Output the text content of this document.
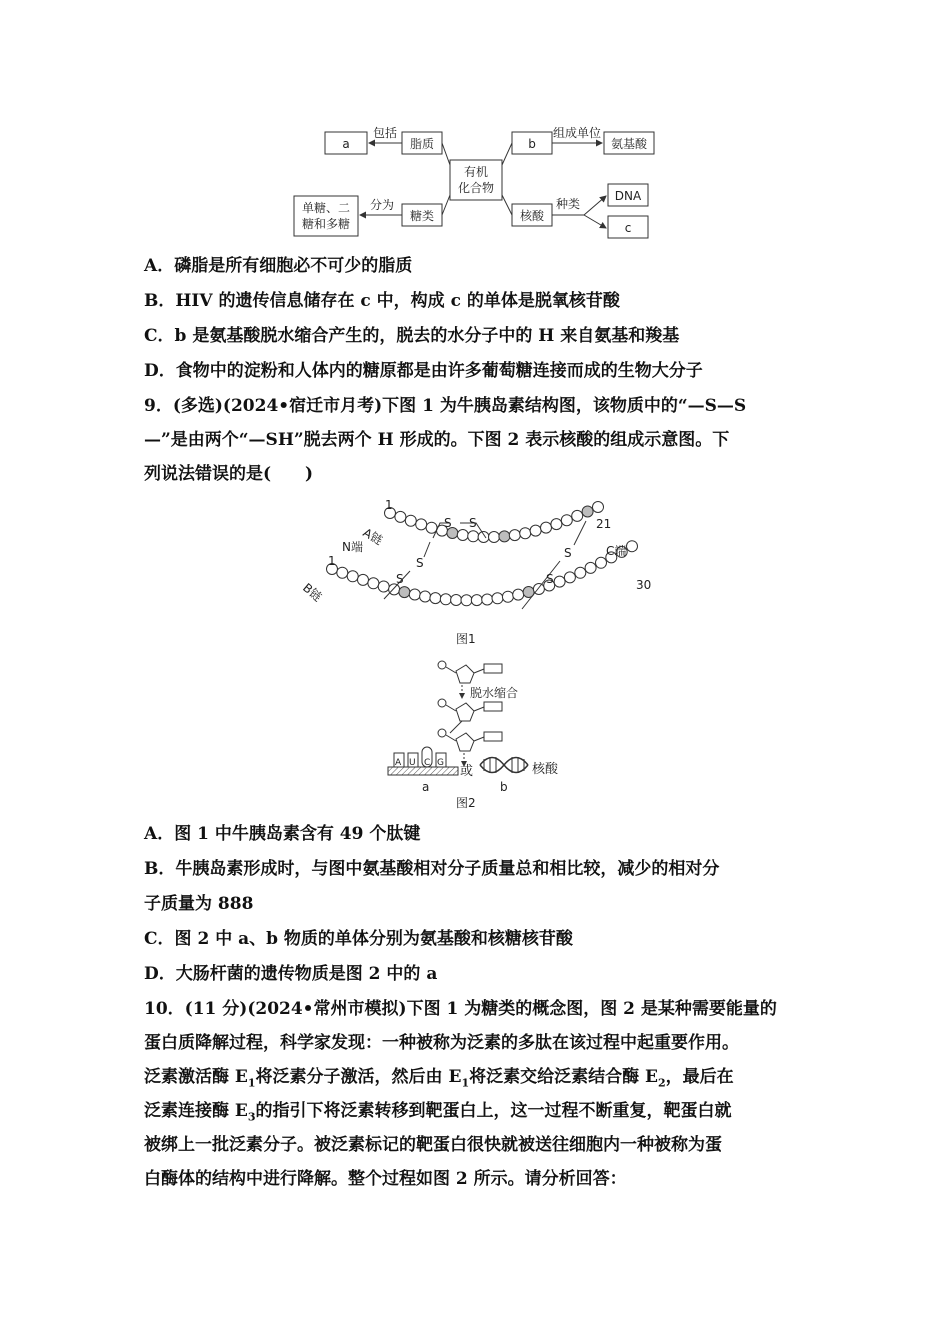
a	脂质
有机
化合物
b	氨基酸
单糖、二
糖和多糖
糖类	核酸
DNA
c
包括	组成单位
分为	种类
A．磷脂是所有细胞必不可少的脂质
B．HIV 的遗传信息储存在 c 中，构成 c 的单体是脱氧核苷酸
C．b 是氨基酸脱水缩合产生的，脱去的水分子中的 H 来自氨基和羧基
D．食物中的淀粉和人体内的糖原都是由许多葡萄糖连接而成的生物大分子
9．(多选)(2024•宿迁市月考)下图 1 为牛胰岛素结构图，该物质中的“—S—S
—”是由两个“—SH”脱去两个 H 形成的。下图 2 表示核酸的组成示意图。下
列说法错误的是(　　)
S S
S
S
S
S
1
A链
1
N端
B链
21
C端
30
图1
脱水缩合
A U C G
或	核酸
a	b
图2
A．图 1 中牛胰岛素含有 49 个肽键
B．牛胰岛素形成时，与图中氨基酸相对分子质量总和相比较，减少的相对分
子质量为 888
C．图 2 中 a、b 物质的单体分别为氨基酸和核糖核苷酸
D．大肠杆菌的遗传物质是图 2 中的 a
10．(11 分)(2024•常州市模拟)下图 1 为糖类的概念图，图 2 是某种需要能量的
蛋白质降解过程，科学家发现：一种被称为泛素的多肽在该过程中起重要作用。
泛素激活酶 $E_1$将泛素分子激活，然后由 $E_1$将泛素交给泛素结合酶 $E_2$，最后在
泛素连接酶 $E_3$的指引下将泛素转移到靶蛋白上，这一过程不断重复，靶蛋白就
被绑上一批泛素分子。被泛素标记的靶蛋白很快就被送往细胞内一种被称为蛋
白酶体的结构中进行降解。整个过程如图 2 所示。请分析回答：
